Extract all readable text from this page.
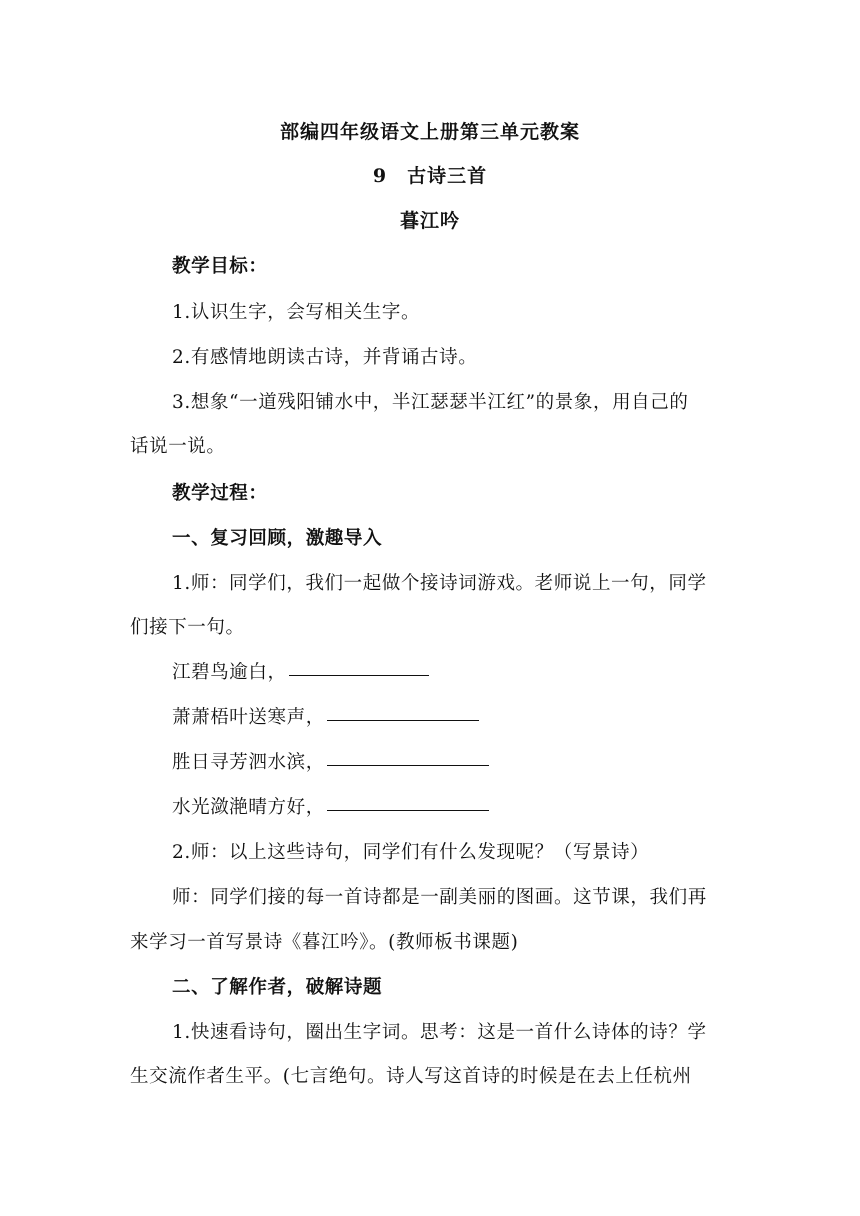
部编四年级语文上册第三单元教案
9　古诗三首
暮江吟
教学目标：
1.认识生字，会写相关生字。
2.有感情地朗读古诗，并背诵古诗。
3.想象“一道残阳铺水中，半江瑟瑟半江红”的景象，用自己的
话说一说。
教学过程：
一、复习回顾，激趣导入
1.师：同学们，我们一起做个接诗词游戏。老师说上一句，同学
们接下一句。
江碧鸟逾白，
萧萧梧叶送寒声，
胜日寻芳泗水滨，
水光潋滟晴方好，
2.师：以上这些诗句，同学们有什么发现呢？（写景诗）
师：同学们接的每一首诗都是一副美丽的图画。这节课，我们再
来学习一首写景诗《暮江吟》。(教师板书课题)
二、了解作者，破解诗题
1.快速看诗句，圈出生字词。思考：这是一首什么诗体的诗？学
生交流作者生平。(七言绝句。诗人写这首诗的时候是在去上任杭州
